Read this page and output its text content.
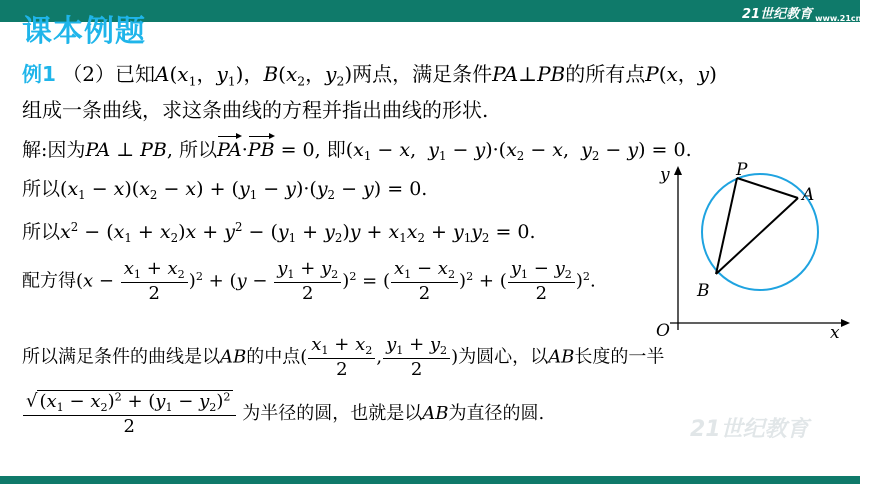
21世纪教育 $_{www.21cnjy.com}$
课本例题
例1 （2）已知$A(x_1$，$y_1$)，$B(x_2$，$y_2$)两点，满足条件PA⊥PB的所有点P(x，y)
组成一条曲线，求这条曲线的方程并指出曲线的形状.
解:因为PA ⊥ PB, 所以PA·PB = 0, 即($x_1 - x$,  $y_1 - y)\cdot(x_2 - x$,  $y_2 - y) = 0$.
所以$(x_1 - x)(x_2 - x) + (y_1 - y)\cdot(y_2 - y) = 0$.
所以$x^2 - (x_1 + x_2)x + y^2 - (y_1 + y_2)y + x_1x_2 + y_1y_2 = 0$.
配方得$(x - \frac{x_1 + x_2}{2} )^2 + (y - \frac{y_1 + y_2}{2} )^2$ = ( $\frac{x_1 - x_2}{2} )^2$ + ( $\frac{y_1 - y_2}{2} )^2$.
所以满足条件的曲线是以AB的中点( $\frac{x_1 + x_2}{2}$ , $\frac{y_1 + y_2}{2}$ )为圆心，以AB长度的一半
$\frac{√ (x_1 - x_2)^2 + (y_1 - y_2)^2}{2}$ 为半径的圆，也就是以AB为直径的圆.
P
A
B
O	x
y
21世纪教育
